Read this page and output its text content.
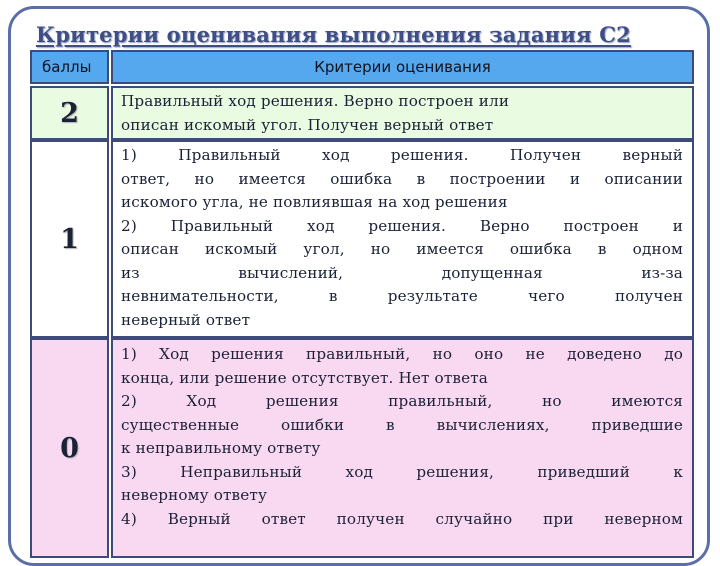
Критерии оценивания выполнения задания С2
баллы	Критерии оценивания
2	Правильный ход решения. Верно построен или

описан искомый угол. Получен верный ответ

1

1) Правильный ход решения. Получен верный

ответ, но имеется ошибка в построении и описании

искомого угла, не повлиявшая на ход решения

2) Правильный ход решения. Верно построен и

описан искомый угол, но имеется ошибка в одном

из вычислений, допущенная из-за

невнимательности, в результате чего получен

неверный ответ

0

1) Ход решения правильный, но оно не доведено до

конца, или решение отсутствует. Нет ответа

2) Ход решения правильный, но имеются

существенные ошибки в вычислениях, приведшие

к неправильному ответу

3) Неправильный ход решения, приведший к

неверному ответу

4) Верный ответ получен случайно при неверном
